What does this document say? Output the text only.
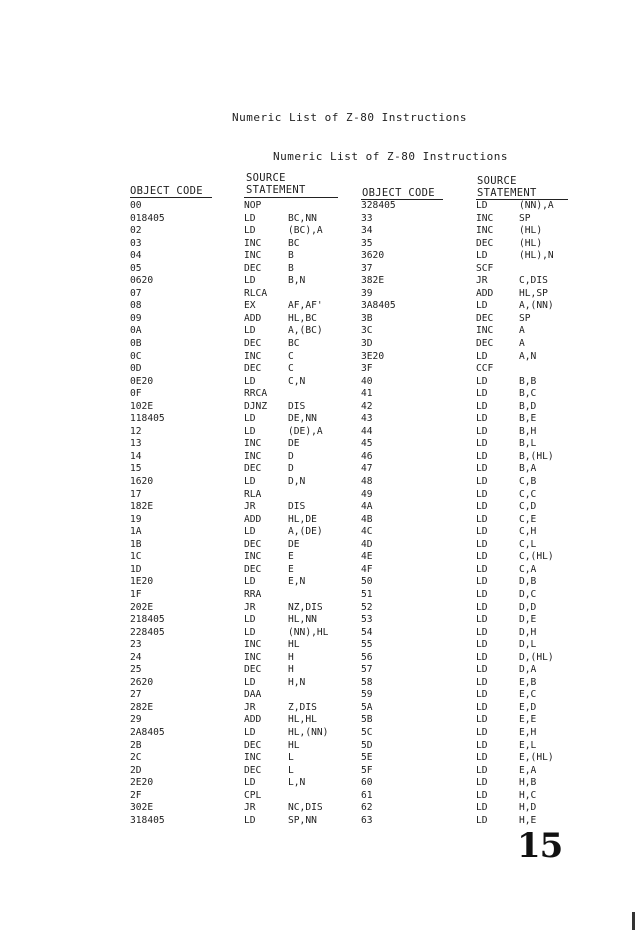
Numeric List of Z-80 Instructions
Numeric List of Z-80 Instructions
OBJECT CODE
SOURCE
STATEMENT	OBJECT CODE
SOURCE
STATEMENT
00	NOP	328405	LD	(NN),A
018405	LD	BC,NN	33	INC	SP
02	LD	(BC),A	34	INC	(HL)
03	INC	BC	35	DEC	(HL)
04	INC	B	3620	LD	(HL),N
05	DEC	B	37	SCF
0620	LD	B,N	382E	JR	C,DIS
07	RLCA	39	ADD	HL,SP
08	EX	AF,AF'	3A8405	LD	A,(NN)
09	ADD	HL,BC	3B	DEC	SP
0A	LD	A,(BC)	3C	INC	A
0B	DEC	BC	3D	DEC	A
0C	INC	C	3E20	LD	A,N
0D	DEC	C	3F	CCF
0E20	LD	C,N	40	LD	B,B
0F	RRCA	41	LD	B,C
102E	DJNZ DIS	42	LD	B,D
118405	LD	DE,NN	43	LD	B,E
12	LD	(DE),A	44	LD	B,H
13	INC	DE	45	LD	B,L
14	INC	D	46	LD	B,(HL)
15	DEC	D	47	LD	B,A
1620	LD	D,N	48	LD	C,B
17	RLA	49	LD	C,C
182E	JR	DIS	4A	LD	C,D
19	ADD	HL,DE	4B	LD	C,E
1A	LD	A,(DE)	4C	LD	C,H
1B	DEC	DE	4D	LD	C,L
1C	INC	E	4E	LD	C,(HL)
1D	DEC	E	4F	LD	C,A
1E20	LD	E,N	50	LD	D,B
1F	RRA	51	LD	D,C
202E	JR	NZ,DIS	52	LD	D,D
218405	LD	HL,NN	53	LD	D,E
228405	LD	(NN),HL	54	LD	D,H
23	INC	HL	55	LD	D,L
24	INC	H	56	LD	D,(HL)
25	DEC	H	57	LD	D,A
2620	LD	H,N	58	LD	E,B
27	DAA	59	LD	E,C
282E	JR	Z,DIS	5A	LD	E,D
29	ADD	HL,HL	5B	LD	E,E
2A8405	LD	HL,(NN)	5C	LD	E,H
2B	DEC	HL	5D	LD	E,L
2C	INC	L	5E	LD	E,(HL)
2D	DEC	L	5F	LD	E,A
2E20	LD	L,N	60	LD	H,B
2F	CPL	61	LD	H,C
302E	JR	NC,DIS	62	LD	H,D
318405	LD	SP,NN	63	LD	H,E
15
